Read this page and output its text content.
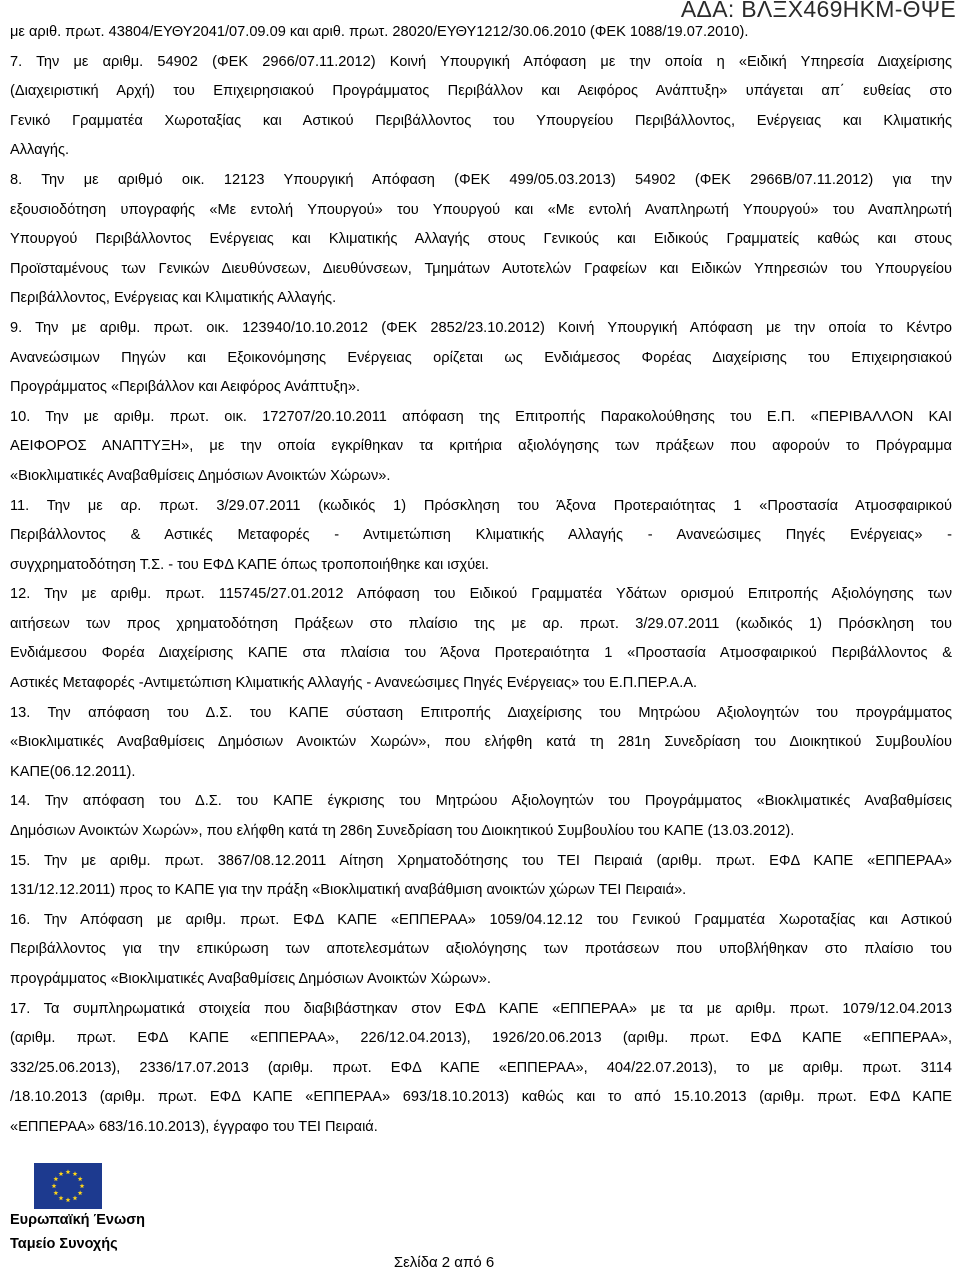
ΑΔΑ: ΒΛΞΧ469ΗΚΜ-ΘΨΕ
με αριθ. πρωτ. 43804/ΕΥΘΥ2041/07.09.09 και αριθ. πρωτ. 28020/ΕΥΘΥ1212/30.06.2010 (ΦΕΚ 1088/19.07.2010).
7. Την με αριθμ. 54902 (ΦΕΚ 2966/07.11.2012) Κοινή Υπουργική Απόφαση με την οποία η «Ειδική Υπηρεσία Διαχείρισης
(Διαχειριστική Αρχή) του Επιχειρησιακού Προγράμματος Περιβάλλον και Αειφόρος Ανάπτυξη» υπάγεται απ΄ ευθείας στο
Γενικό Γραμματέα Χωροταξίας και Αστικού Περιβάλλοντος του Υπουργείου Περιβάλλοντος, Ενέργειας και Κλιματικής
Αλλαγής.
8. Την με αριθμό οικ. 12123 Υπουργική Απόφαση (ΦΕΚ 499/05.03.2013) 54902 (ΦΕΚ 2966Β/07.11.2012) για την
εξουσιοδότηση υπογραφής «Με εντολή Υπουργού» του Υπουργού και «Με εντολή Αναπληρωτή Υπουργού» του Αναπληρωτή
Υπουργού Περιβάλλοντος Ενέργειας και Κλιματικής Αλλαγής στους Γενικούς και Ειδικούς Γραμματείς καθώς και στους
Προϊσταμένους των Γενικών Διευθύνσεων, Διευθύνσεων, Τμημάτων Αυτοτελών Γραφείων και Ειδικών Υπηρεσιών του Υπουργείου
Περιβάλλοντος, Ενέργειας και Κλιματικής Αλλαγής.
9. Την με αριθμ. πρωτ. οικ. 123940/10.10.2012 (ΦΕΚ 2852/23.10.2012) Κοινή Υπουργική Απόφαση με την οποία το Κέντρο
Ανανεώσιμων Πηγών και Εξοικονόμησης Ενέργειας ορίζεται ως Ενδιάμεσος Φορέας Διαχείρισης του Επιχειρησιακού
Προγράμματος «Περιβάλλον και Αειφόρος Ανάπτυξη».
10. Την με αριθμ. πρωτ. οικ. 172707/20.10.2011 απόφαση της Επιτροπής Παρακολούθησης του Ε.Π. «ΠΕΡΙΒΑΛΛΟΝ ΚΑΙ
ΑΕΙΦΟΡΟΣ ΑΝΑΠΤΥΞΗ», με την οποία εγκρίθηκαν τα κριτήρια αξιολόγησης των πράξεων που αφορούν το Πρόγραμμα
«Βιοκλιματικές Αναβαθμίσεις Δημόσιων Ανοικτών Χώρων».
11. Την με αρ. πρωτ. 3/29.07.2011 (κωδικός 1) Πρόσκληση του Άξονα Προτεραιότητας 1 «Προστασία Ατμοσφαιρικού
Περιβάλλοντος & Αστικές Μεταφορές - Αντιμετώπιση Κλιματικής Αλλαγής - Ανανεώσιμες Πηγές Ενέργειας» -
συγχρηματοδότηση Τ.Σ. - του ΕΦΔ ΚΑΠΕ όπως τροποποιήθηκε και ισχύει.
12. Την με αριθμ. πρωτ. 115745/27.01.2012 Απόφαση του Ειδικού Γραμματέα Υδάτων ορισμού Επιτροπής Αξιολόγησης των
αιτήσεων των προς χρηματοδότηση Πράξεων στο πλαίσιο της με αρ. πρωτ. 3/29.07.2011 (κωδικός 1) Πρόσκληση του
Ενδιάμεσου Φορέα Διαχείρισης ΚΑΠΕ στα πλαίσια του Άξονα Προτεραιότητα 1 «Προστασία Ατμοσφαιρικού Περιβάλλοντος &
Αστικές Μεταφορές -Αντιμετώπιση Κλιματικής Αλλαγής - Ανανεώσιμες Πηγές Ενέργειας» του Ε.Π.ΠΕΡ.Α.Α.
13. Την απόφαση του Δ.Σ. του ΚΑΠΕ σύσταση Επιτροπής Διαχείρισης του Μητρώου Αξιολογητών του προγράμματος
«Βιοκλιματικές Αναβαθμίσεις Δημόσιων Ανοικτών Χωρών», που ελήφθη κατά τη 281η Συνεδρίαση του Διοικητικού Συμβουλίου
ΚΑΠΕ(06.12.2011).
14. Την απόφαση του Δ.Σ. του ΚΑΠΕ έγκρισης του Μητρώου Αξιολογητών του Προγράμματος «Βιοκλιματικές Αναβαθμίσεις
Δημόσιων Ανοικτών Χωρών», που ελήφθη κατά τη 286η Συνεδρίαση του Διοικητικού Συμβουλίου του ΚΑΠΕ (13.03.2012).
15. Την με αριθμ. πρωτ. 3867/08.12.2011 Αίτηση Χρηματοδότησης του ΤΕΙ Πειραιά (αριθμ. πρωτ. ΕΦΔ ΚΑΠΕ «ΕΠΠΕΡΑΑ»
131/12.12.2011) προς το ΚΑΠΕ για την πράξη «Βιοκλιματική αναβάθμιση ανοικτών χώρων ΤΕΙ Πειραιά».
16. Την Απόφαση με αριθμ. πρωτ. ΕΦΔ ΚΑΠΕ «ΕΠΠΕΡΑΑ» 1059/04.12.12 του Γενικού Γραμματέα Χωροταξίας και Αστικού
Περιβάλλοντος για την επικύρωση των αποτελεσμάτων αξιολόγησης των προτάσεων που υποβλήθηκαν στο πλαίσιο του
προγράμματος «Βιοκλιματικές Αναβαθμίσεις Δημόσιων Ανοικτών Χώρων».
17. Τα συμπληρωματικά στοιχεία που διαβιβάστηκαν στον ΕΦΔ ΚΑΠΕ «ΕΠΠΕΡΑΑ» με τα με αριθμ. πρωτ. 1079/12.04.2013
(αριθμ. πρωτ. ΕΦΔ ΚΑΠΕ «ΕΠΠΕΡΑΑ», 226/12.04.2013), 1926/20.06.2013 (αριθμ. πρωτ. ΕΦΔ ΚΑΠΕ «ΕΠΠΕΡΑΑ»,
332/25.06.2013), 2336/17.07.2013 (αριθμ. πρωτ. ΕΦΔ ΚΑΠΕ «ΕΠΠΕΡΑΑ», 404/22.07.2013), το με αριθμ. πρωτ. 3114
/18.10.2013 (αριθμ. πρωτ. ΕΦΔ ΚΑΠΕ «ΕΠΠΕΡΑΑ» 693/18.10.2013) καθώς και το από 15.10.2013 (αριθμ. πρωτ. ΕΦΔ ΚΑΠΕ
«ΕΠΠΕΡΑΑ» 683/16.10.2013), έγγραφο του ΤΕΙ Πειραιά.
Ευρωπαϊκή Ένωση
Ταμείο Συνοχής
Σελίδα 2 από 6
